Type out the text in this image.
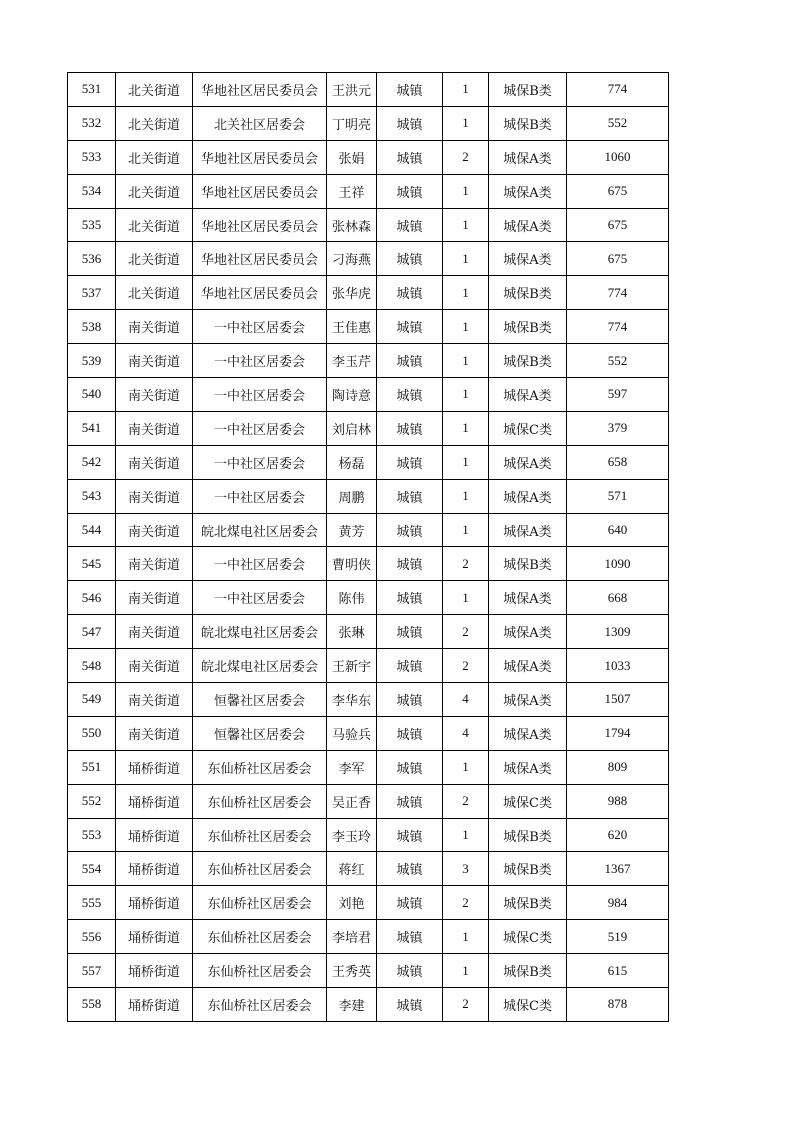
531	北关街道	华地社区居民委员会	王洪元	城镇	1	城保B类	774
532	北关街道	北关社区居委会	丁明亮	城镇	1	城保B类	552
533	北关街道	华地社区居民委员会	张娟	城镇	2	城保A类	1060
534	北关街道	华地社区居民委员会	王祥	城镇	1	城保A类	675
535	北关街道	华地社区居民委员会	张林森	城镇	1	城保A类	675
536	北关街道	华地社区居民委员会	刁海燕	城镇	1	城保A类	675
537	北关街道	华地社区居民委员会	张华虎	城镇	1	城保B类	774
538	南关街道	一中社区居委会	王佳惠	城镇	1	城保B类	774
539	南关街道	一中社区居委会	李玉芹	城镇	1	城保B类	552
540	南关街道	一中社区居委会	陶诗意	城镇	1	城保A类	597
541	南关街道	一中社区居委会	刘启林	城镇	1	城保C类	379
542	南关街道	一中社区居委会	杨磊	城镇	1	城保A类	658
543	南关街道	一中社区居委会	周鹏	城镇	1	城保A类	571
544	南关街道	皖北煤电社区居委会	黄芳	城镇	1	城保A类	640
545	南关街道	一中社区居委会	曹明侠	城镇	2	城保B类	1090
546	南关街道	一中社区居委会	陈伟	城镇	1	城保A类	668
547	南关街道	皖北煤电社区居委会	张琳	城镇	2	城保A类	1309
548	南关街道	皖北煤电社区居委会	王新宇	城镇	2	城保A类	1033
549	南关街道	恒馨社区居委会	李华东	城镇	4	城保A类	1507
550	南关街道	恒馨社区居委会	马验兵	城镇	4	城保A类	1794
551	埇桥街道	东仙桥社区居委会	李军	城镇	1	城保A类	809
552	埇桥街道	东仙桥社区居委会	吴正香	城镇	2	城保C类	988
553	埇桥街道	东仙桥社区居委会	李玉玲	城镇	1	城保B类	620
554	埇桥街道	东仙桥社区居委会	蒋红	城镇	3	城保B类	1367
555	埇桥街道	东仙桥社区居委会	刘艳	城镇	2	城保B类	984
556	埇桥街道	东仙桥社区居委会	李培君	城镇	1	城保C类	519
557	埇桥街道	东仙桥社区居委会	王秀英	城镇	1	城保B类	615
558	埇桥街道	东仙桥社区居委会	李建	城镇	2	城保C类	878
